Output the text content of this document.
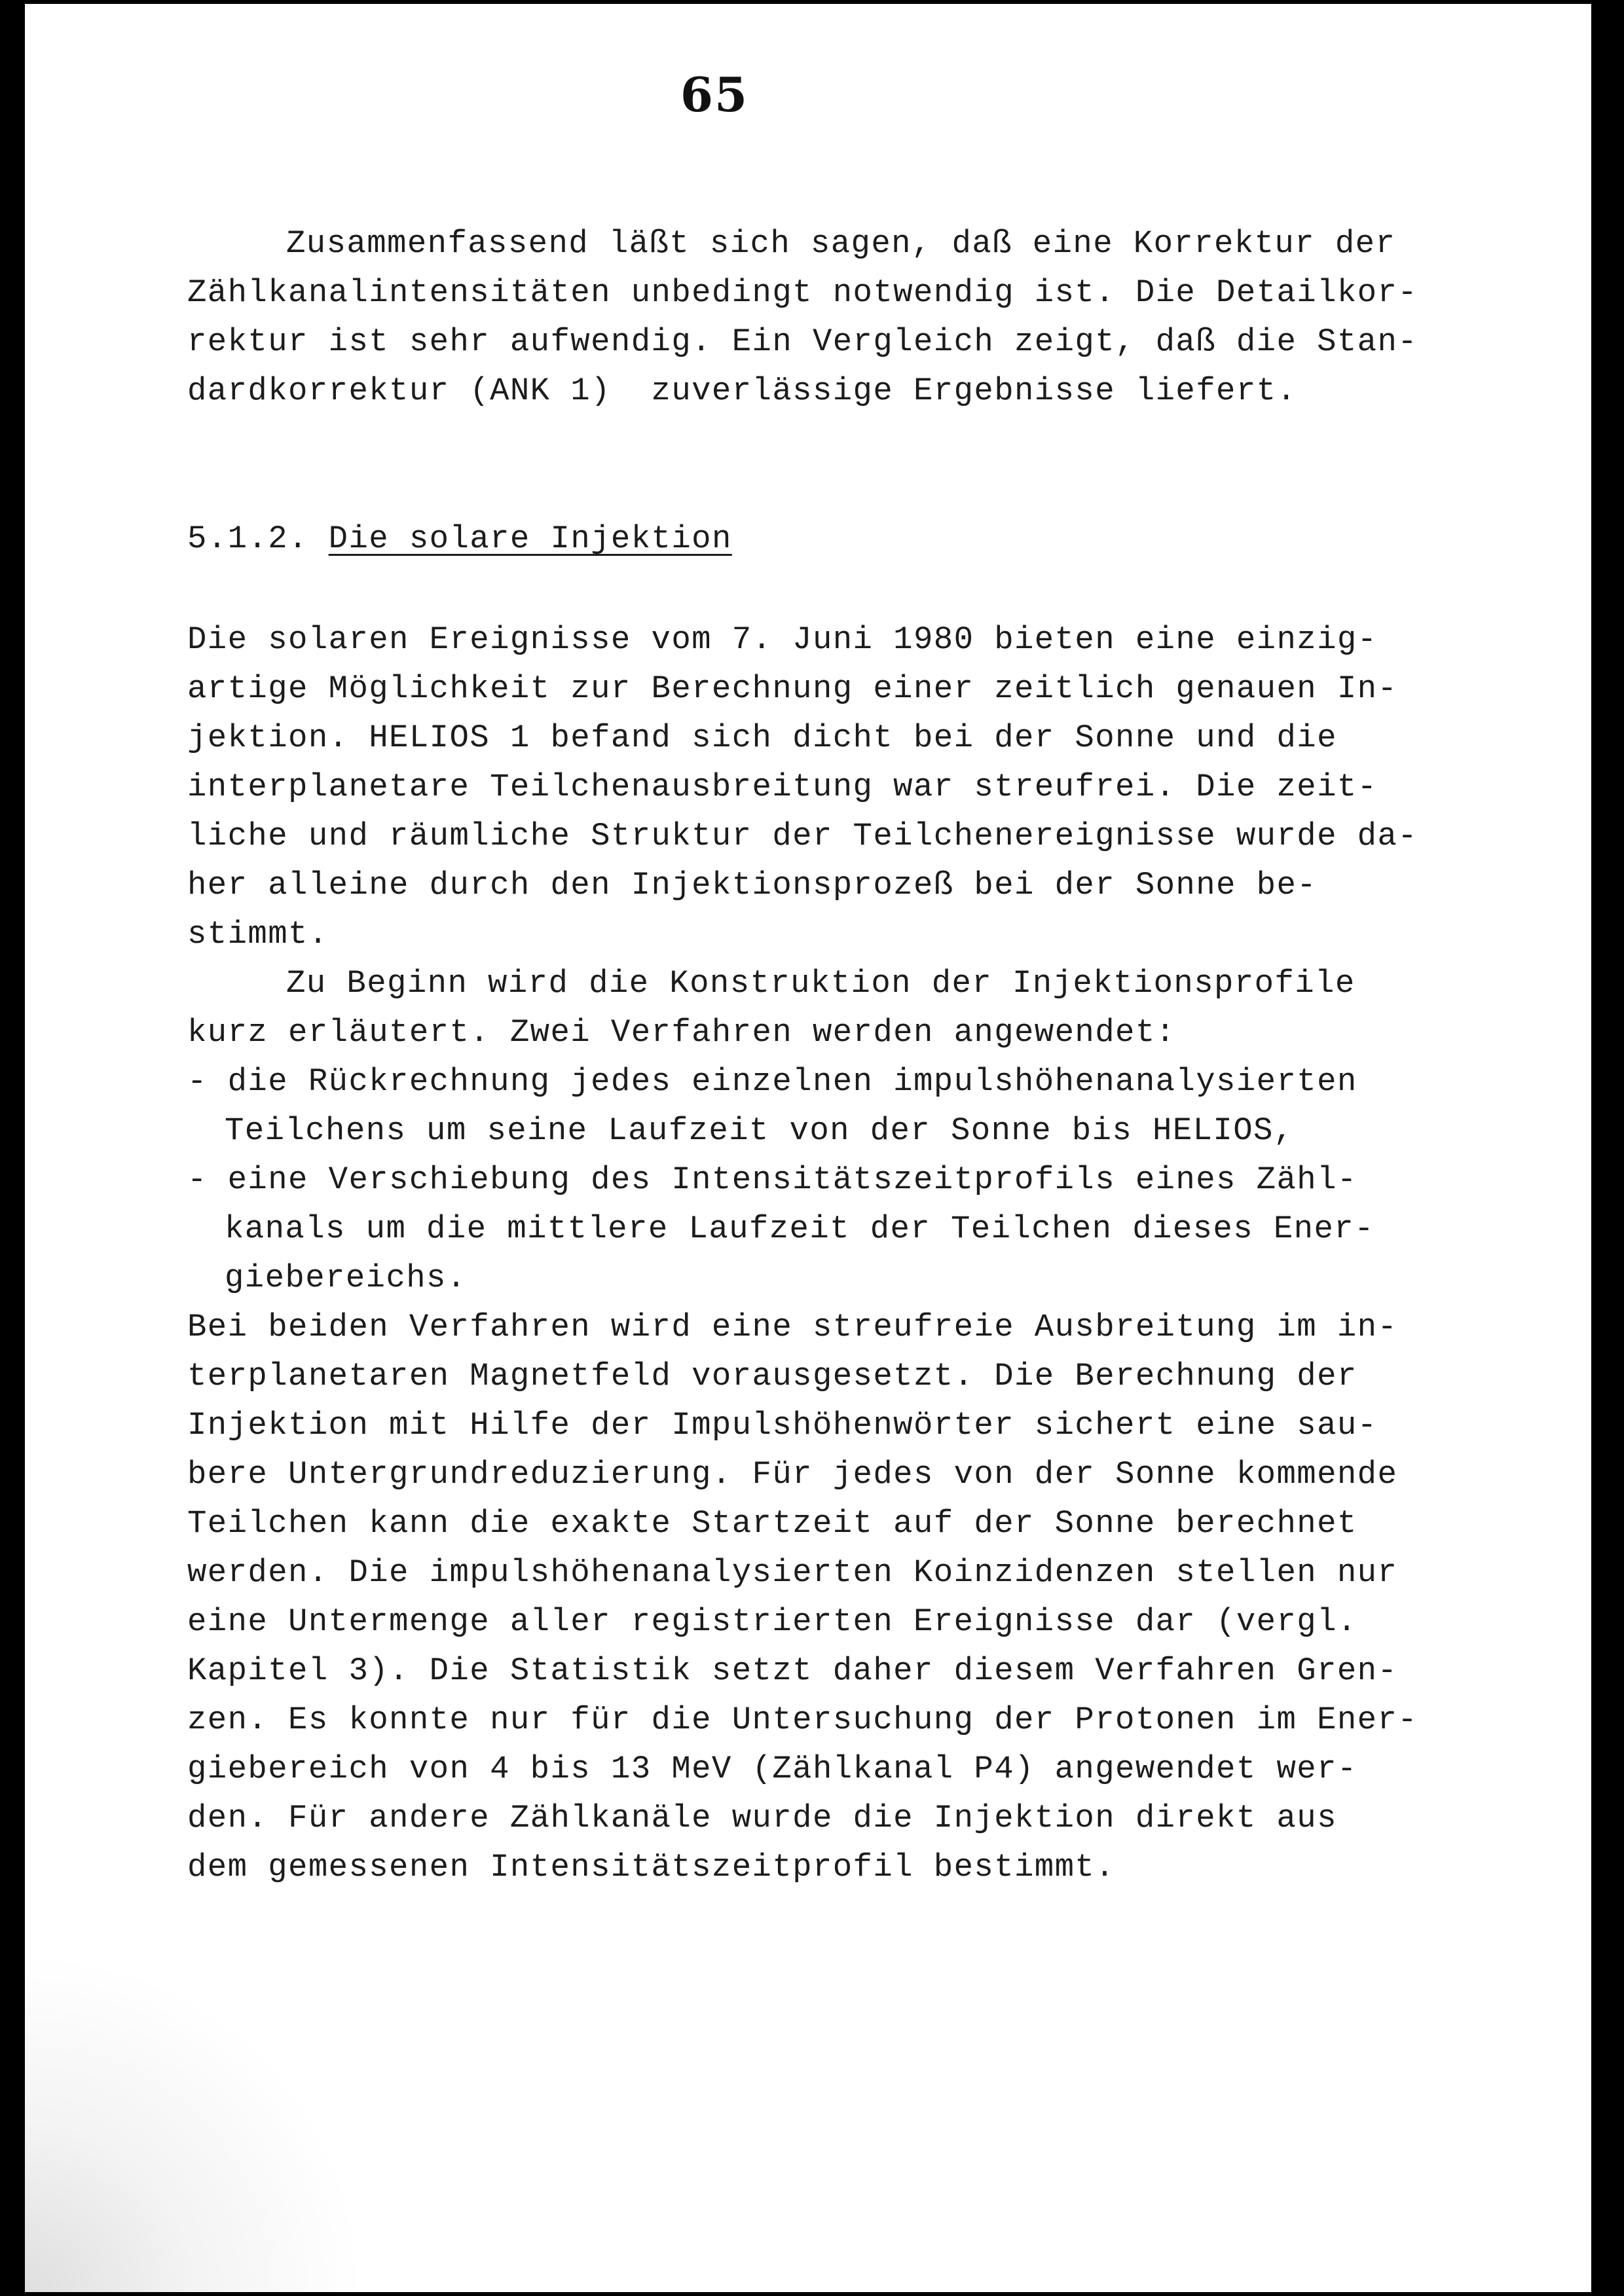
65
Zusammenfassend läßt sich sagen, daß eine Korrektur der
Zählkanalintensitäten unbedingt notwendig ist. Die Detailkor-
rektur ist sehr aufwendig. Ein Vergleich zeigt, daß die Stan-
dardkorrektur (ANK 1)  zuverlässige Ergebnisse liefert.
5.1.2. Die solare Injektion
Die solaren Ereignisse vom 7. Juni 1980 bieten eine einzig-
artige Möglichkeit zur Berechnung einer zeitlich genauen In-
jektion. HELIOS 1 befand sich dicht bei der Sonne und die
interplanetare Teilchenausbreitung war streufrei. Die zeit-
liche und räumliche Struktur der Teilchenereignisse wurde da-
her alleine durch den Injektionsprozeß bei der Sonne be-
stimmt.
Zu Beginn wird die Konstruktion der Injektionsprofile
kurz erläutert. Zwei Verfahren werden angewendet:
- die Rückrechnung jedes einzelnen impulshöhenanalysierten
Teilchens um seine Laufzeit von der Sonne bis HELIOS,
- eine Verschiebung des Intensitätszeitprofils eines Zähl-
kanals um die mittlere Laufzeit der Teilchen dieses Ener-
giebereichs.
Bei beiden Verfahren wird eine streufreie Ausbreitung im in-
terplanetaren Magnetfeld vorausgesetzt. Die Berechnung der
Injektion mit Hilfe der Impulshöhenwörter sichert eine sau-
bere Untergrundreduzierung. Für jedes von der Sonne kommende
Teilchen kann die exakte Startzeit auf der Sonne berechnet
werden. Die impulshöhenanalysierten Koinzidenzen stellen nur
eine Untermenge aller registrierten Ereignisse dar (vergl.
Kapitel 3). Die Statistik setzt daher diesem Verfahren Gren-
zen. Es konnte nur für die Untersuchung der Protonen im Ener-
giebereich von 4 bis 13 MeV (Zählkanal P4) angewendet wer-
den. Für andere Zählkanäle wurde die Injektion direkt aus
dem gemessenen Intensitätszeitprofil bestimmt.
